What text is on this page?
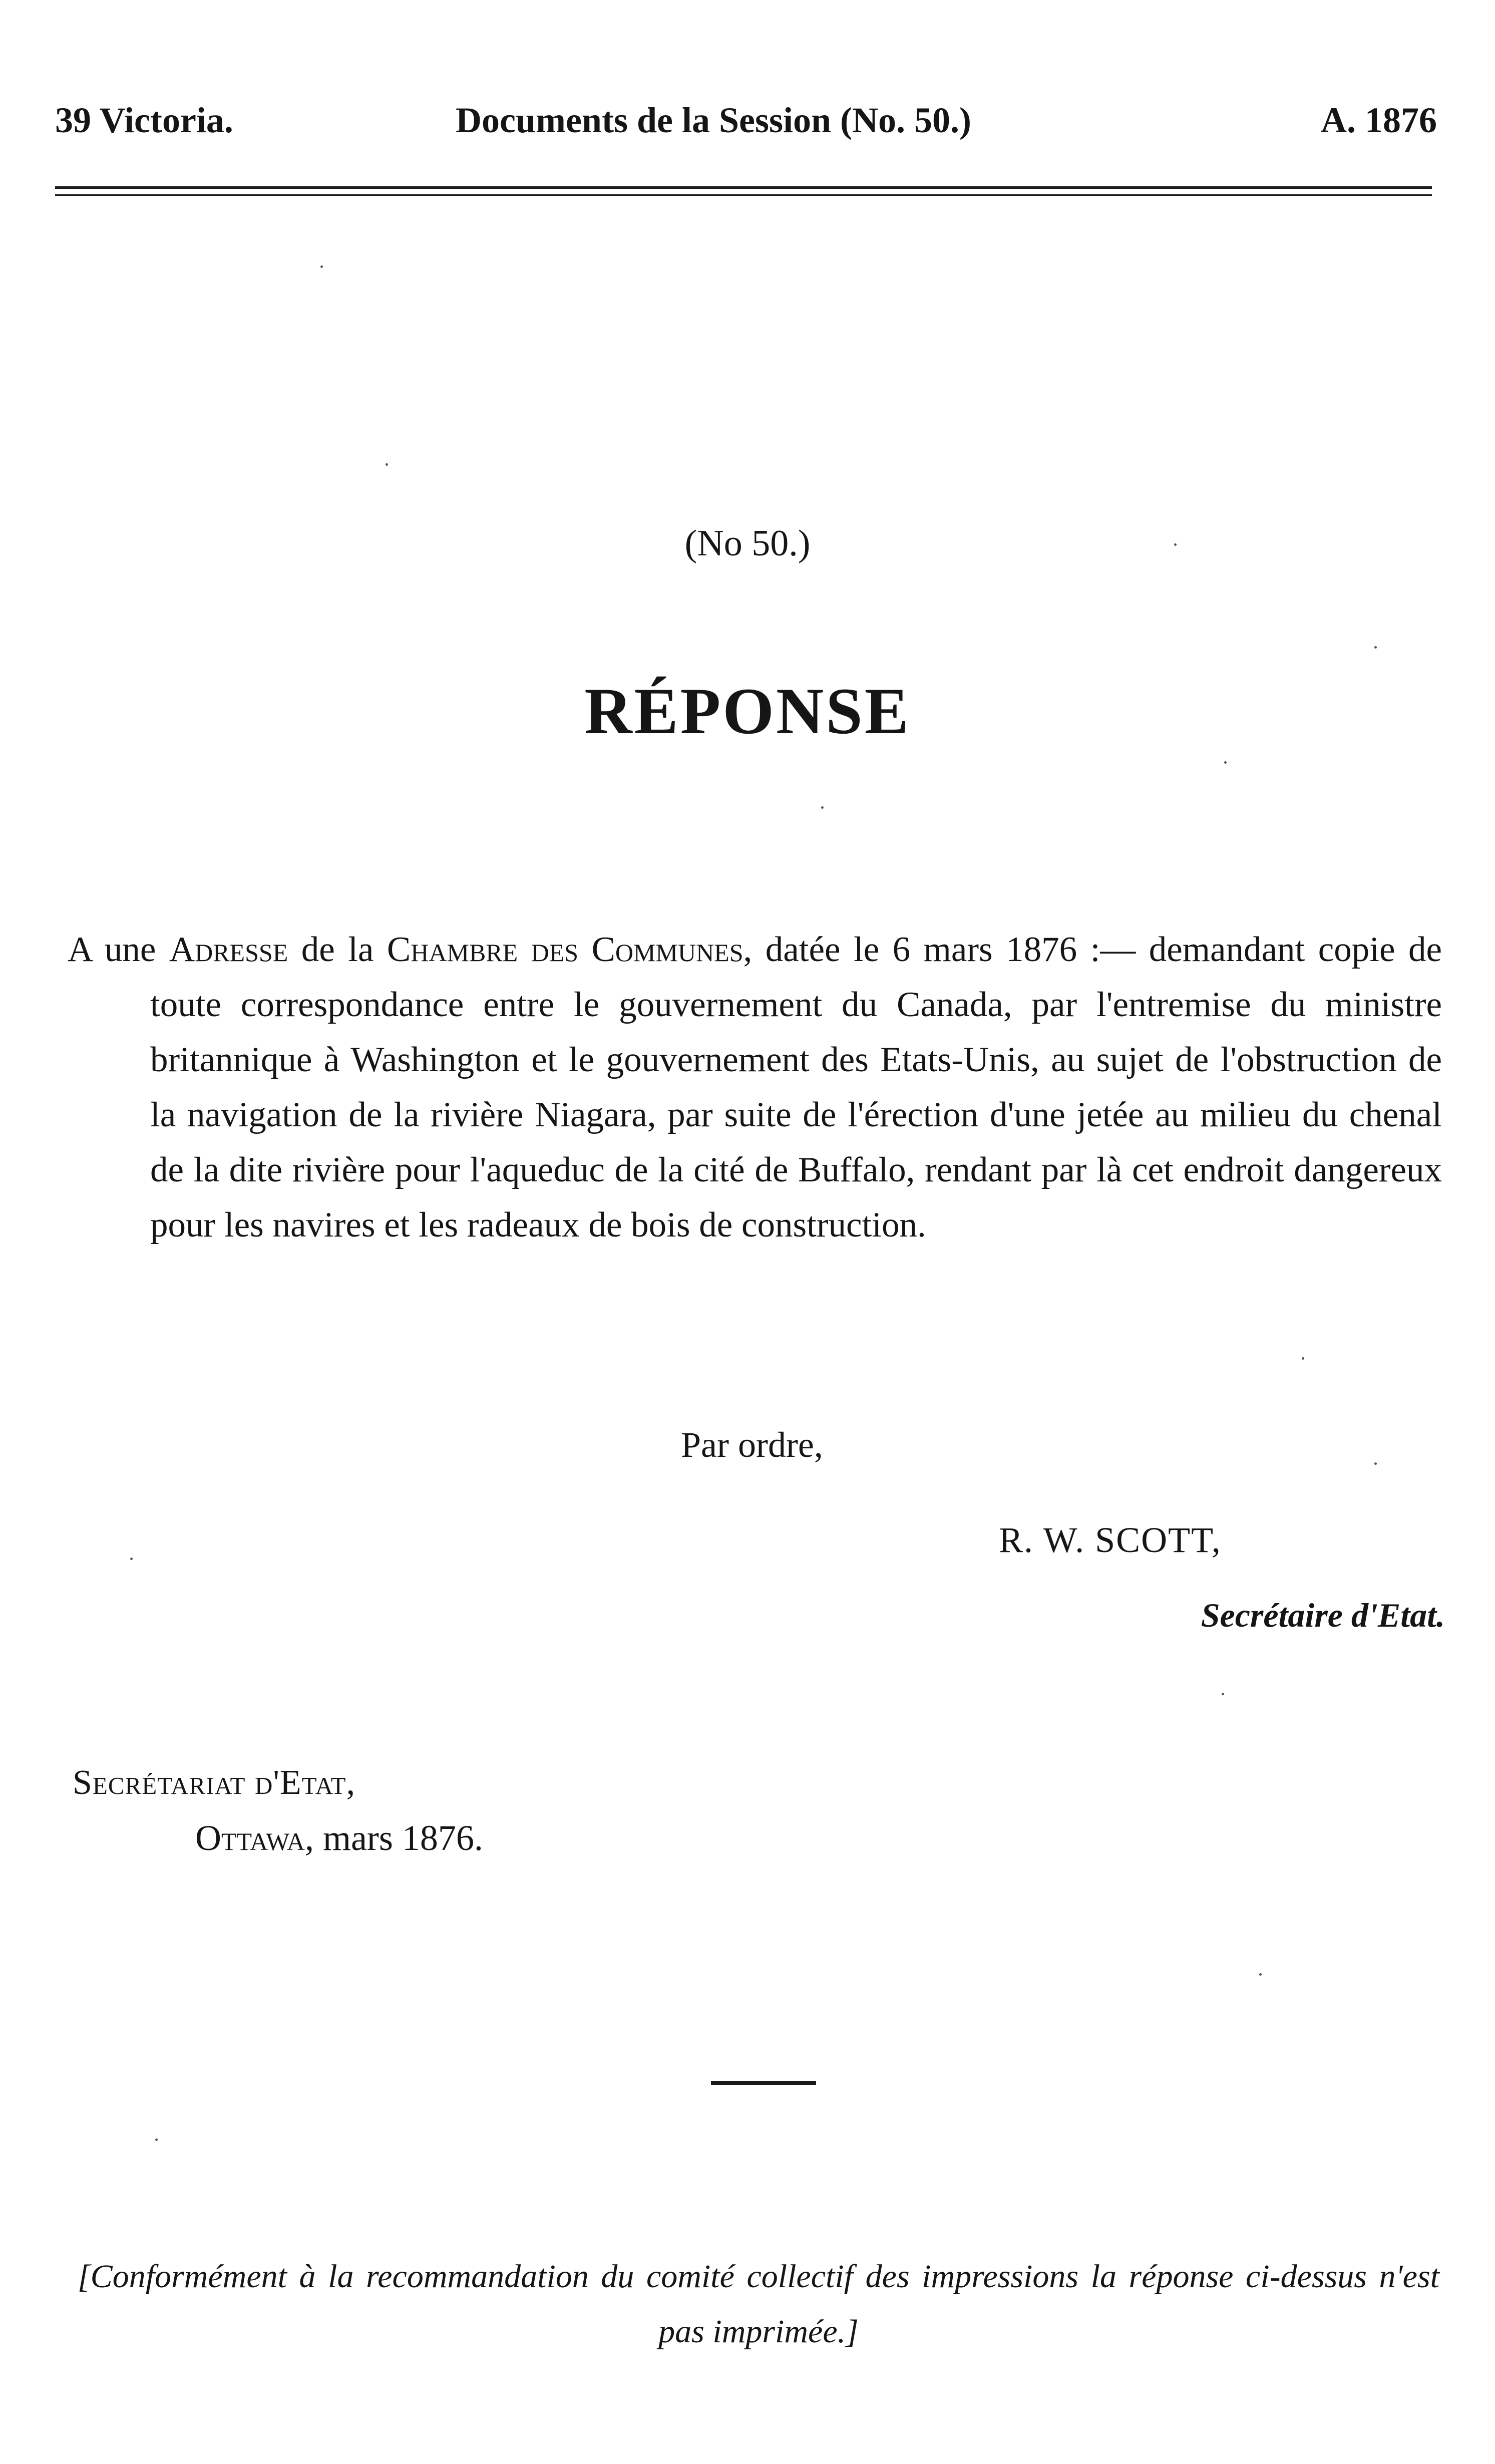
39 Victoria.	Documents de la Session (No. 50.)	A. 1876
(No 50.)
RÉPONSE

A une Adresse de la Chambre des Communes, datée le 6 mars 1876 :— demandant copie de toute correspondance entre le gouvernement du Canada, par l'entremise du ministre britannique à Washington et le gouvernement des Etats-Unis, au sujet de l'obstruction de la navigation de la rivière Niagara, par suite de l'érection d'une jetée au milieu du chenal de la dite rivière pour l'aqueduc de la cité de Buffalo, rendant par là cet endroit dangereux pour les navires et les radeaux de bois de construction.

Par ordre,
R. W. SCOTT,
Secrétaire d'Etat.
Secrétariat d'Etat,
Ottawa, mars 1876.

[Conformément à la recommandation du comité collectif des impressions la réponse ci-dessus n'est pas imprimée.]
